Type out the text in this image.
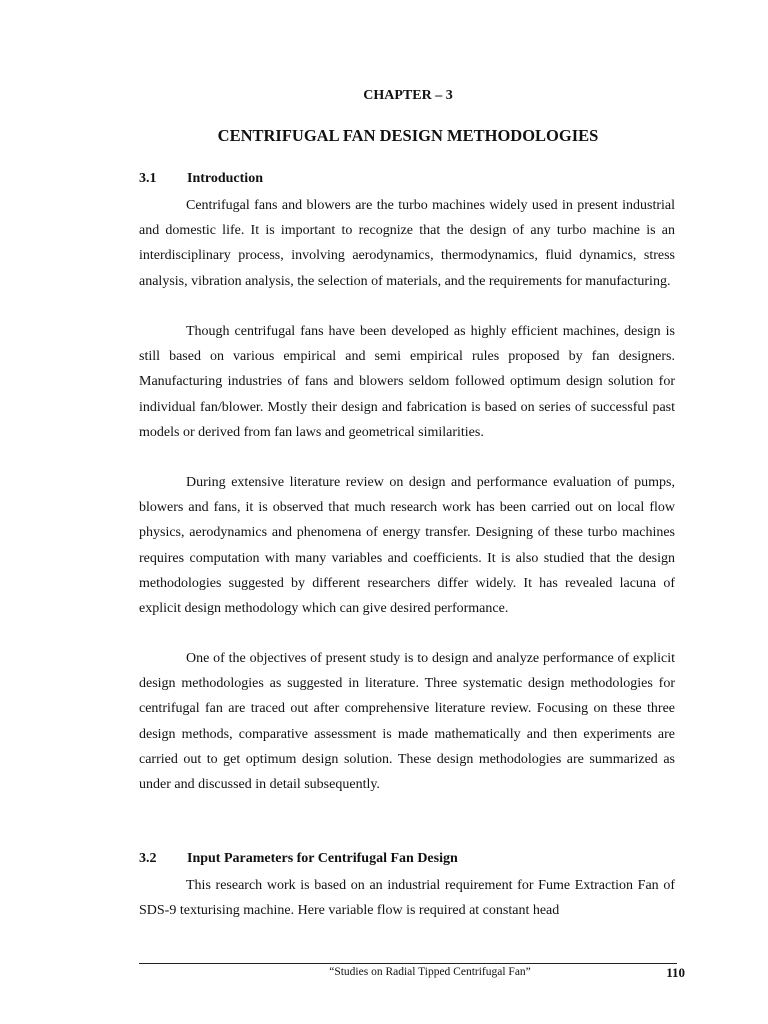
CHAPTER – 3
CENTRIFUGAL FAN DESIGN METHODOLOGIES
3.1 Introduction

Centrifugal fans and blowers are the turbo machines widely used in present industrial and domestic life. It is important to recognize that the design of any turbo machine is an interdisciplinary process, involving aerodynamics, thermodynamics, fluid dynamics, stress analysis, vibration analysis, the selection of materials, and the requirements for manufacturing.

Though centrifugal fans have been developed as highly efficient machines, design is still based on various empirical and semi empirical rules proposed by fan designers. Manufacturing industries of fans and blowers seldom followed optimum design solution for individual fan/blower. Mostly their design and fabrication is based on series of successful past models or derived from fan laws and geometrical similarities.

During extensive literature review on design and performance evaluation of pumps, blowers and fans, it is observed that much research work has been carried out on local flow physics, aerodynamics and phenomena of energy transfer. Designing of these turbo machines requires computation with many variables and coefficients. It is also studied that the design methodologies suggested by different researchers differ widely. It has revealed lacuna of explicit design methodology which can give desired performance.

One of the objectives of present study is to design and analyze performance of explicit design methodologies as suggested in literature. Three systematic design methodologies for centrifugal fan are traced out after comprehensive literature review. Focusing on these three design methods, comparative assessment is made mathematically and then experiments are carried out to get optimum design solution. These design methodologies are summarized as under and discussed in detail subsequently.

3.2 Input Parameters for Centrifugal Fan Design

This research work is based on an industrial requirement for Fume Extraction Fan of SDS-9 texturising machine. Here variable flow is required at constant head

“Studies on Radial Tipped Centrifugal Fan”	110
